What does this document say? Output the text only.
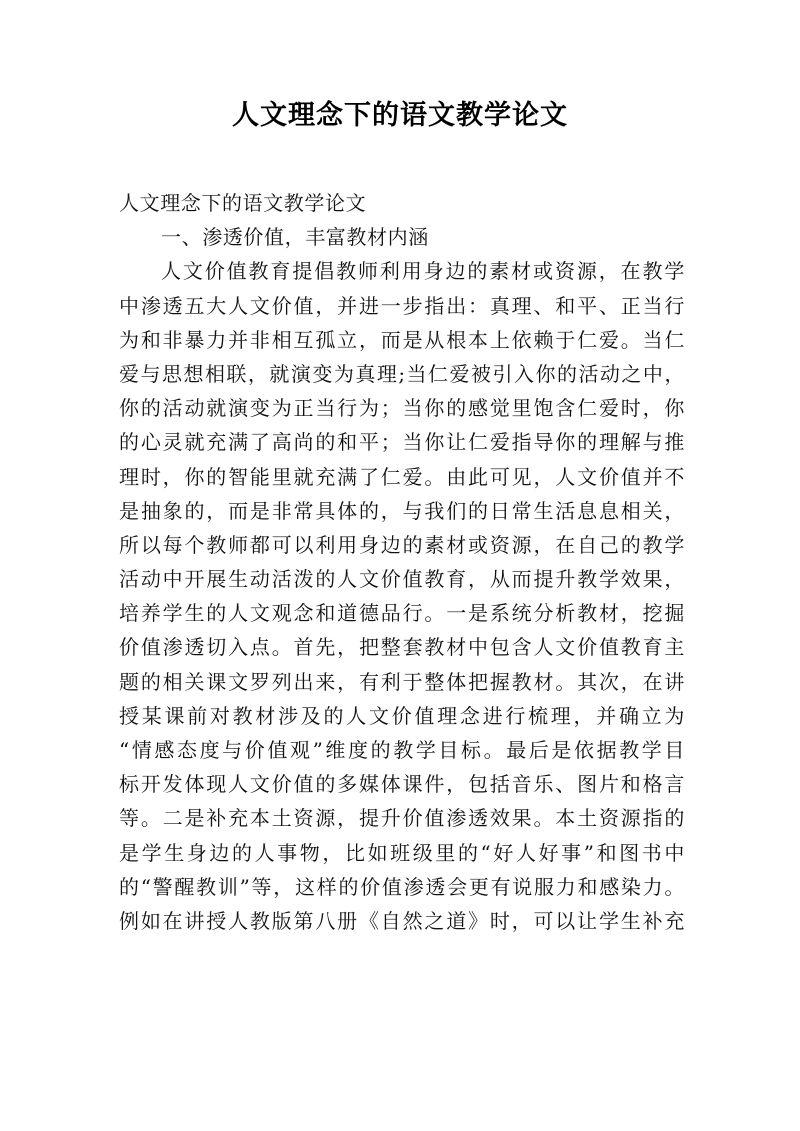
人文理念下的语文教学论文
人文理念下的语文教学论文
一、渗透价值，丰富教材内涵
人文价值教育提倡教师利用身边的素材或资源，在教学
中渗透五大人文价值，并进一步指出：真理、和平、正当行
为和非暴力并非相互孤立，而是从根本上依赖于仁爱。当仁
爱与思想相联，就演变为真理;当仁爱被引入你的活动之中，
你的活动就演变为正当行为；当你的感觉里饱含仁爱时，你
的心灵就充满了高尚的和平；当你让仁爱指导你的理解与推
理时，你的智能里就充满了仁爱。由此可见，人文价值并不
是抽象的，而是非常具体的，与我们的日常生活息息相关，
所以每个教师都可以利用身边的素材或资源，在自己的教学
活动中开展生动活泼的人文价值教育，从而提升教学效果，
培养学生的人文观念和道德品行。一是系统分析教材，挖掘
价值渗透切入点。首先，把整套教材中包含人文价值教育主
题的相关课文罗列出来，有利于整体把握教材。其次，在讲
授某课前对教材涉及的人文价值理念进行梳理，并确立为
“情感态度与价值观”维度的教学目标。最后是依据教学目
标开发体现人文价值的多媒体课件，包括音乐、图片和格言
等。二是补充本土资源，提升价值渗透效果。本土资源指的
是学生身边的人事物，比如班级里的“好人好事”和图书中
的“警醒教训”等，这样的价值渗透会更有说服力和感染力。
例如在讲授人教版第八册《自然之道》时，可以让学生补充
